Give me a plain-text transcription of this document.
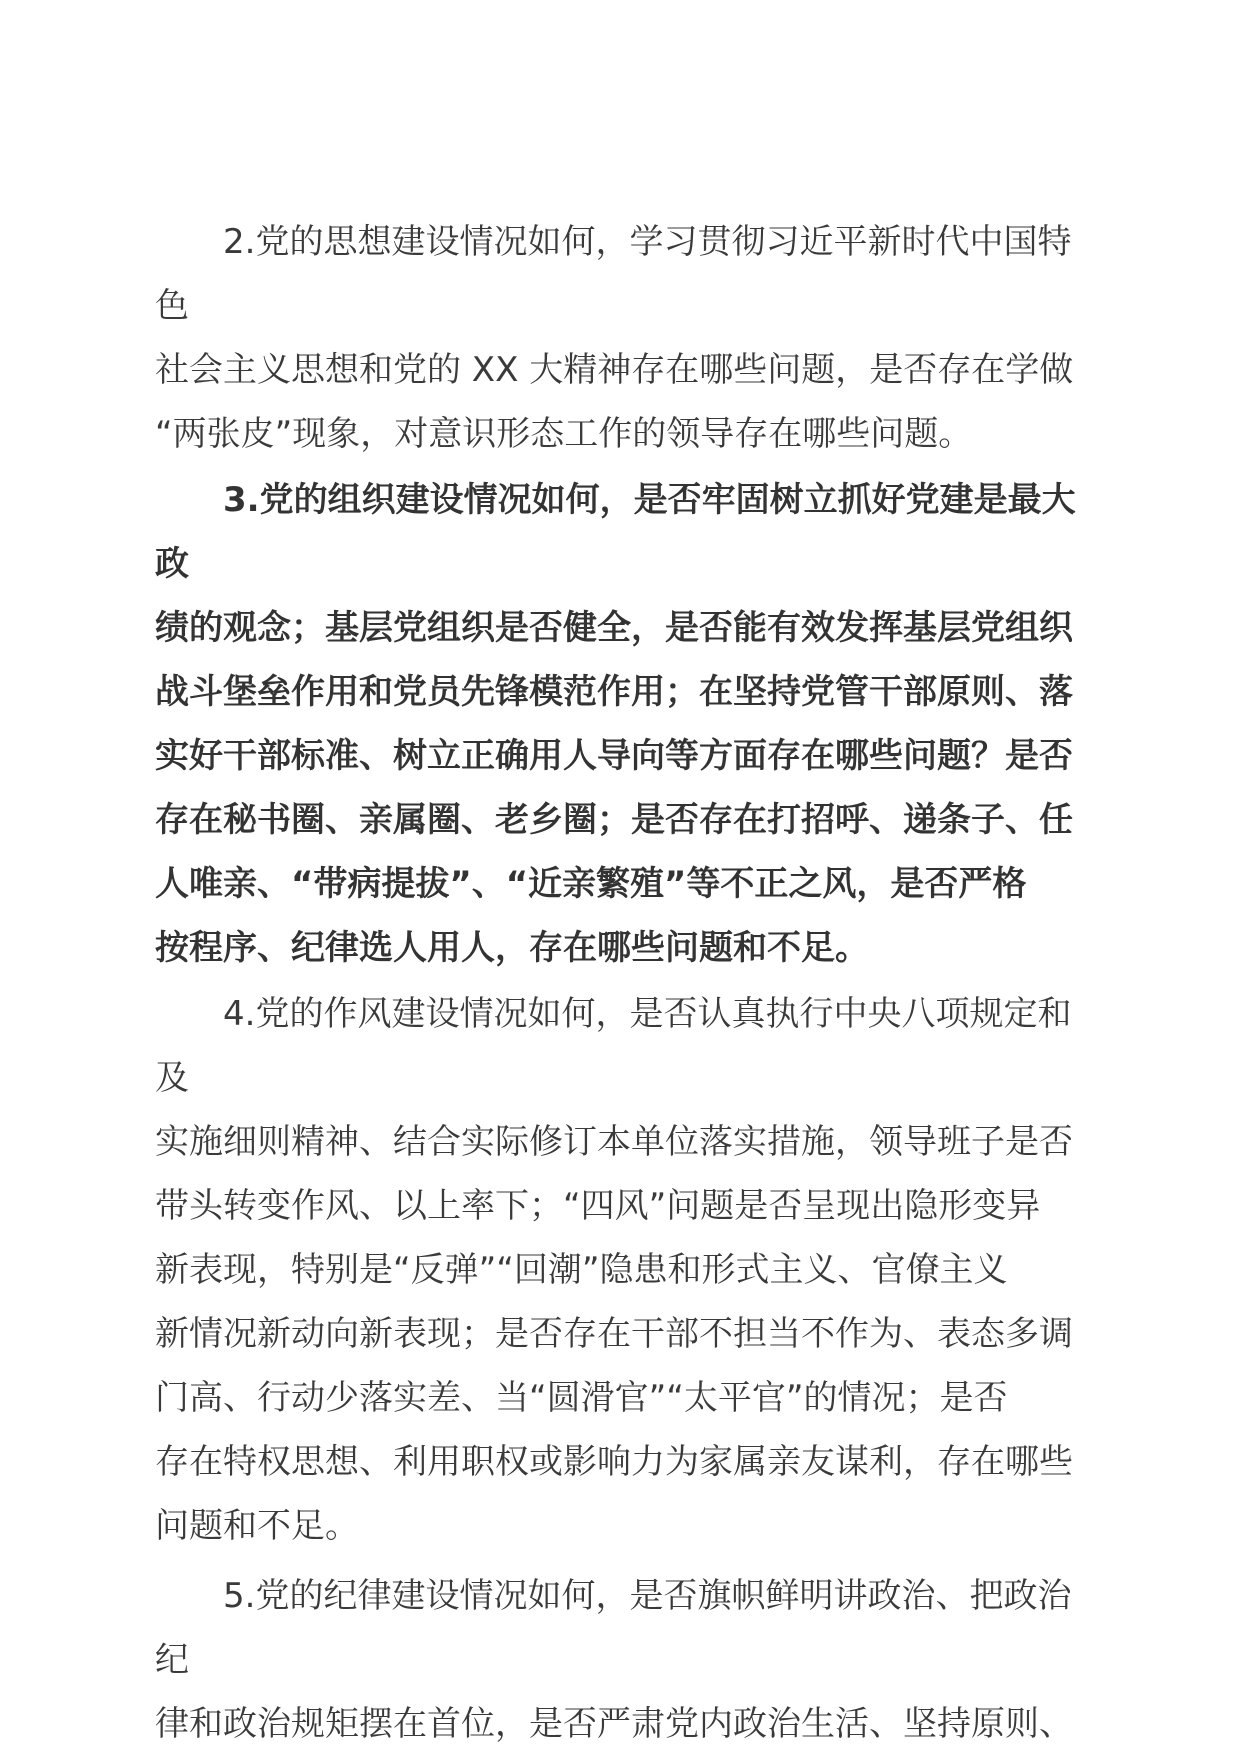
　　2.党的思想建设情况如何，学习贯彻习近平新时代中国特色
社会主义思想和党的 XX 大精神存在哪些问题，是否存在学做
“两张皮”现象，对意识形态工作的领导存在哪些问题。

　　3.党的组织建设情况如何，是否牢固树立抓好党建是最大政
绩的观念；基层党组织是否健全，是否能有效发挥基层党组织
战斗堡垒作用和党员先锋模范作用；在坚持党管干部原则、落
实好干部标准、树立正确用人导向等方面存在哪些问题？是否
存在秘书圈、亲属圈、老乡圈；是否存在打招呼、递条子、任
人唯亲、“带病提拔”、“近亲繁殖”等不正之风，是否严格
按程序、纪律选人用人，存在哪些问题和不足。

　　4.党的作风建设情况如何，是否认真执行中央八项规定和及
实施细则精神、结合实际修订本单位落实措施，领导班子是否
带头转变作风、以上率下；“四风”问题是否呈现出隐形变异
新表现，特别是“反弹”“回潮”隐患和形式主义、官僚主义
新情况新动向新表现；是否存在干部不担当不作为、表态多调
门高、行动少落实差、当“圆滑官”“太平官”的情况；是否
存在特权思想、利用职权或影响力为家属亲友谋利，存在哪些
问题和不足。

　　5.党的纪律建设情况如何，是否旗帜鲜明讲政治、把政治纪
律和政治规矩摆在首位，是否严肃党内政治生活、坚持原则、
